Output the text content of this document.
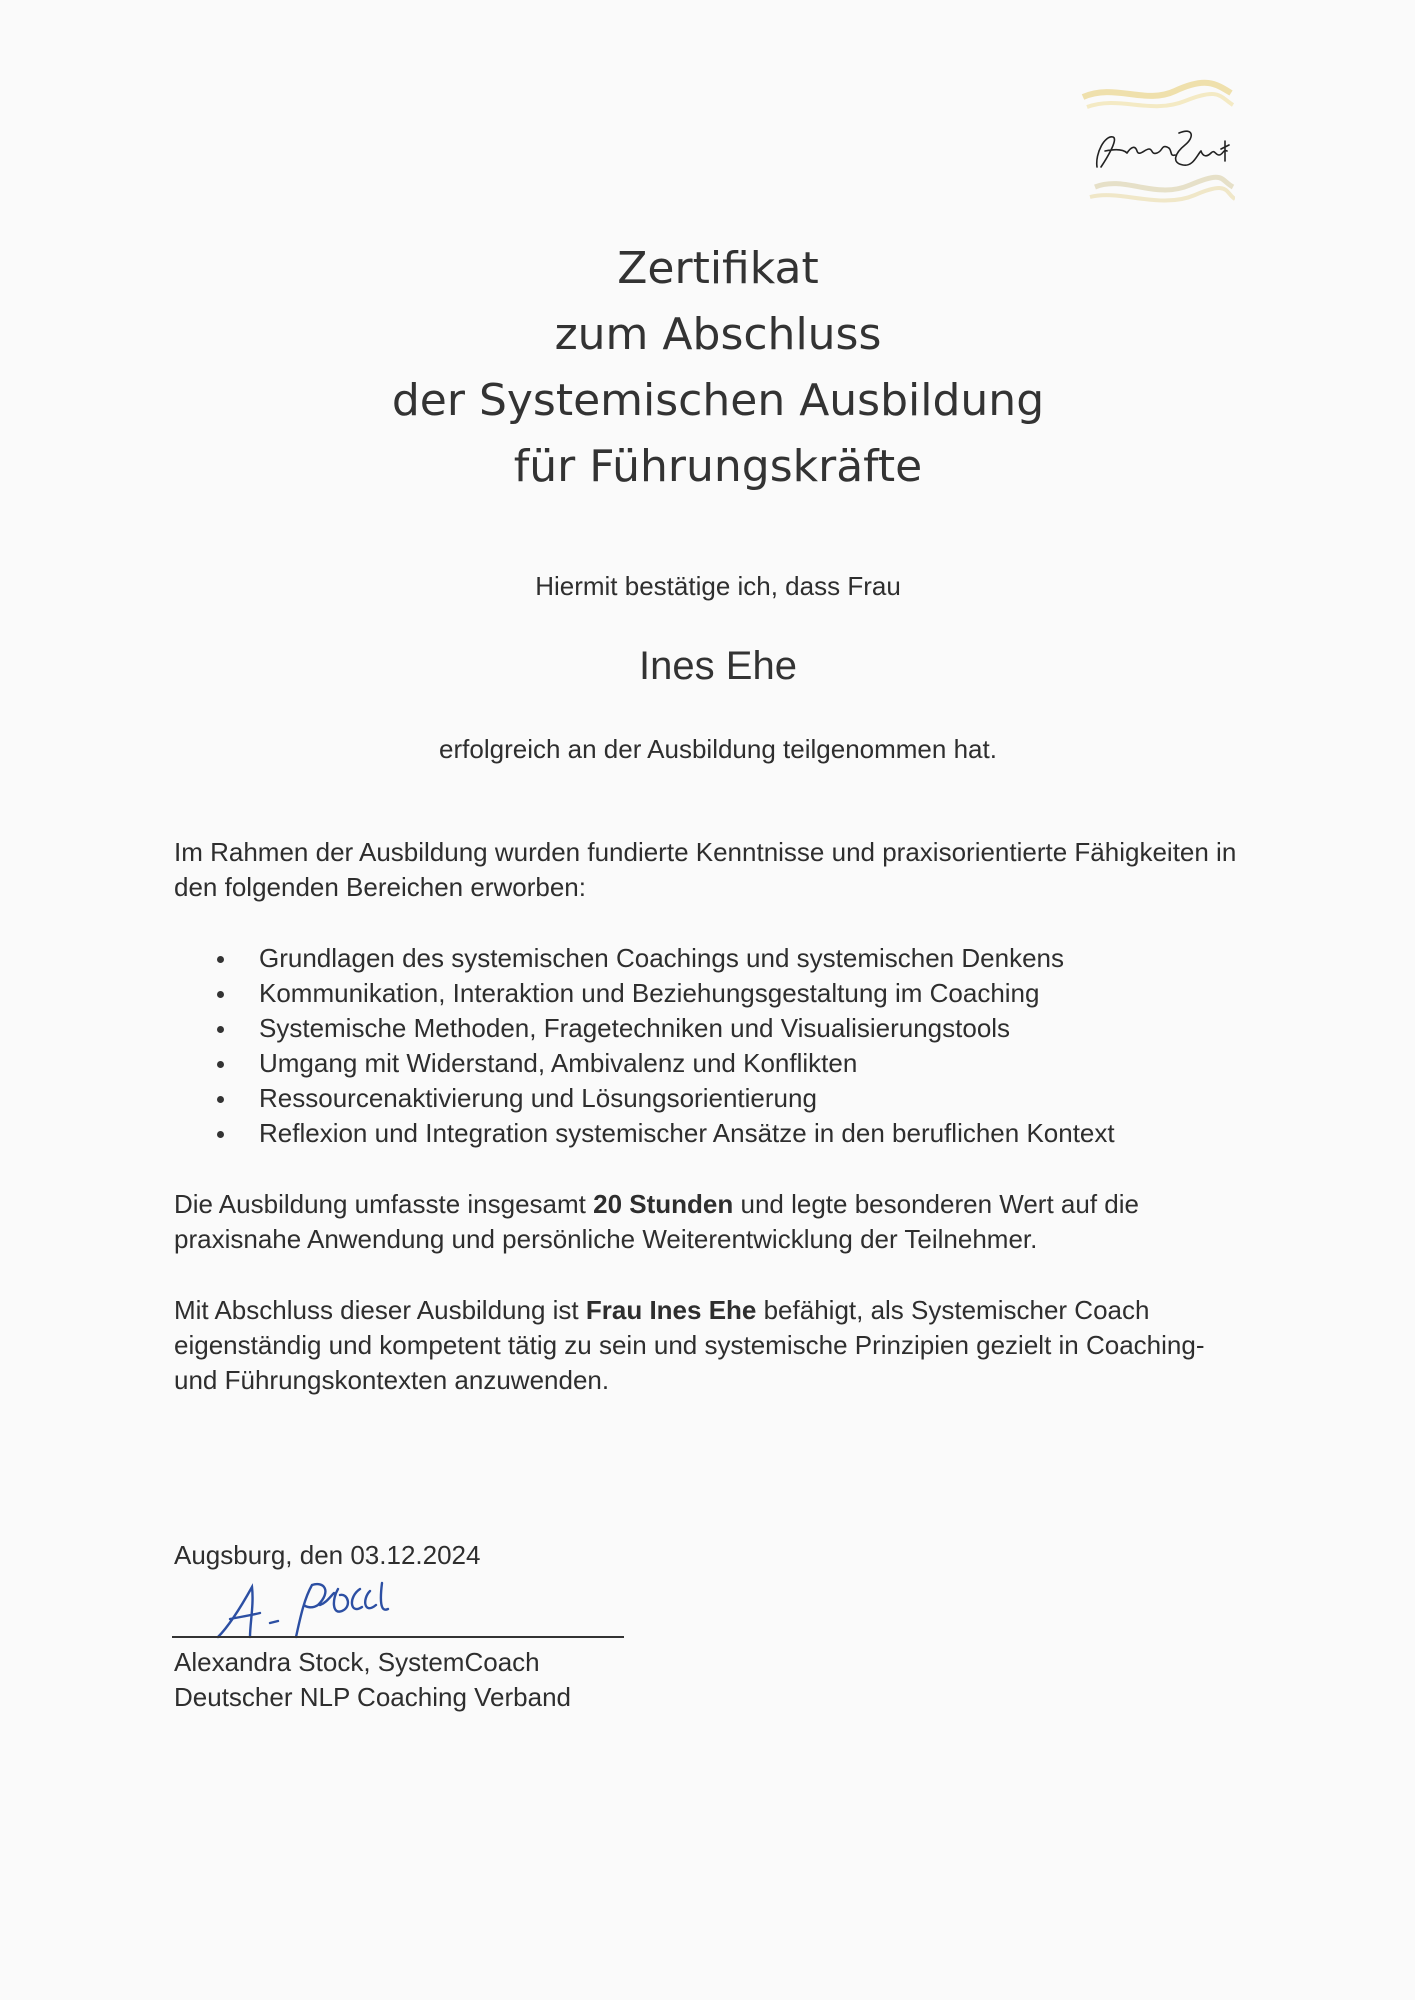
Zertifikat
zum Abschluss
der Systemischen Ausbildung
für Führungskräfte
Hiermit bestätige ich, dass Frau
Ines Ehe
erfolgreich an der Ausbildung teilgenommen hat.
Im Rahmen der Ausbildung wurden fundierte Kenntnisse und praxisorientierte Fähigkeiten in den folgenden Bereichen erworben:
Grundlagen des systemischen Coachings und systemischen Denkens
Kommunikation, Interaktion und Beziehungsgestaltung im Coaching
Systemische Methoden, Fragetechniken und Visualisierungstools
Umgang mit Widerstand, Ambivalenz und Konflikten
Ressourcenaktivierung und Lösungsorientierung
Reflexion und Integration systemischer Ansätze in den beruflichen Kontext
Die Ausbildung umfasste insgesamt 20 Stunden und legte besonderen Wert auf die praxisnahe Anwendung und persönliche Weiterentwicklung der Teilnehmer.
Mit Abschluss dieser Ausbildung ist Frau Ines Ehe befähigt, als Systemischer Coach eigenständig und kompetent tätig zu sein und systemische Prinzipien gezielt in Coaching- und Führungskontexten anzuwenden.
Augsburg, den 03.12.2024
Alexandra Stock, SystemCoach
Deutscher NLP Coaching Verband
